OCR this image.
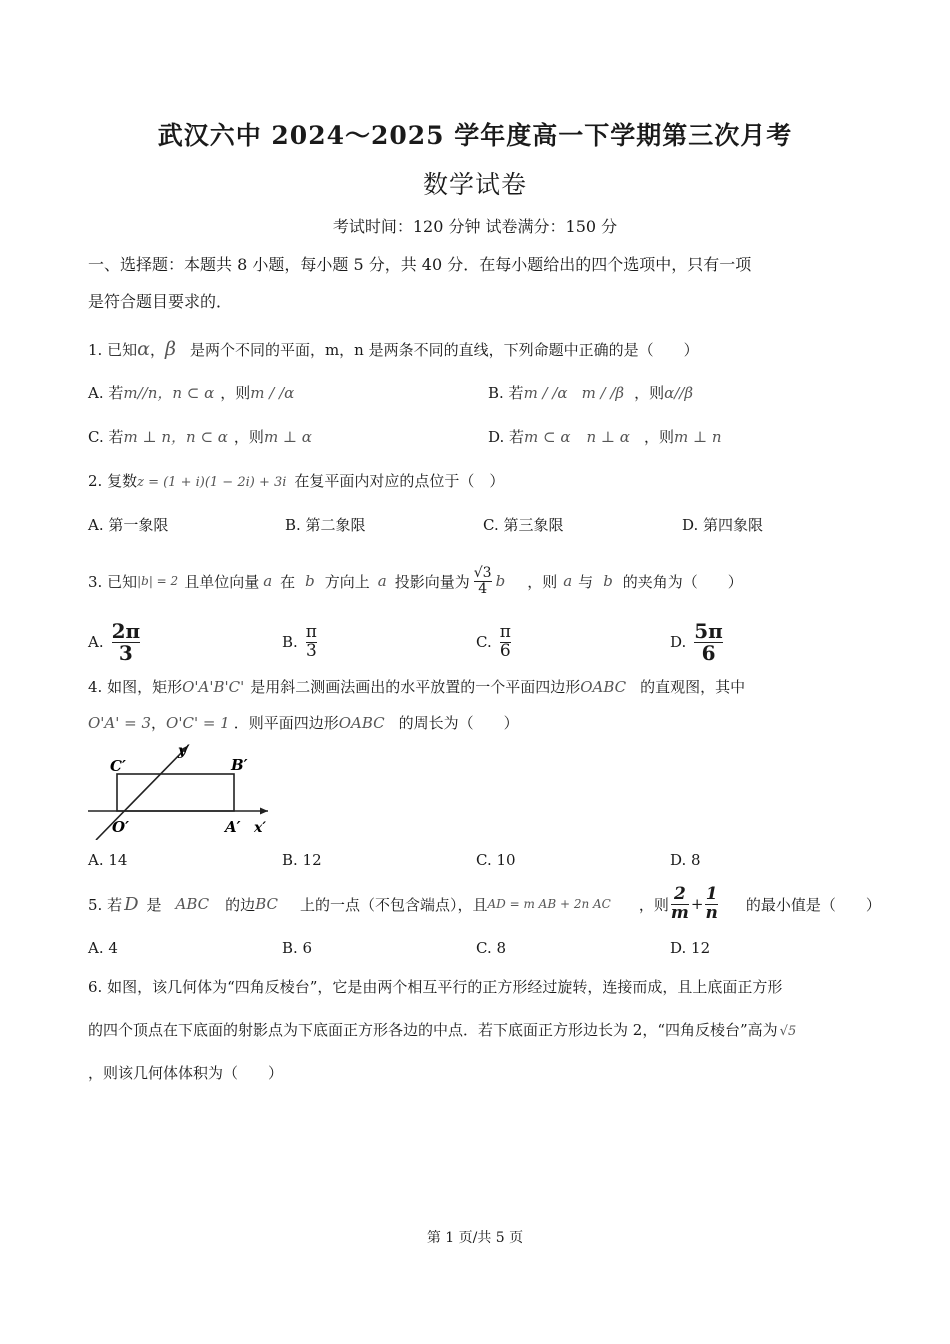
武汉六中 2024～2025 学年度高一下学期第三次月考
数学试卷
考试时间：120 分钟 试卷满分：150 分
一、选择题：本题共 8 小题，每小题 5 分，共 40 分．在每小题给出的四个选项中，只有一项
是符合题目要求的．
1. 已知α，β 是两个不同的平面，m，n 是两条不同的直线，下列命题中正确的是（　　）
A. 若m//n，n ⊂ α ，则m / /α	B. 若m / /α m / /β ，则α//β
C. 若m ⊥ n，n ⊂ α ，则m ⊥ α	D. 若m ⊂ α n ⊥ α ，则m ⊥ n
2. 复数z = (1 + i)(1 − 2i) + 3i 在复平面内对应的点位于（　）
A. 第一象限	B. 第二象限	C. 第三象限	D. 第四象限
3. 已知 |b| = 2 且单位向量 a 在 b 方向上 a 投影向量为 $\frac{√3}{4}$ b ，则 a 与 b 的夹角为（　　）
A. $\frac{2\pi}{3}$	B. $\frac{\pi}{3}$	C. $\frac{\pi}{6}$	D. $\frac{5\pi}{6}$
4. 如图，矩形O'A'B'C' 是用斜二测画法画出的水平放置的一个平面四边形OABC 的直观图，其中
O'A' = 3，O'C' = 1 ．则平面四边形OABC 的周长为（　　）
C′	B′
O′	A′ x′
y′
A. 14	B. 12	C. 10	D. 8
5. 若 D 是 ABC 的边 BC 上的一点（不包含端点），且 AD = m AB + 2n AC ，则 $\frac{2}{m} + \frac{1}{n}$ 的最小值是（　　）
A. 4	B. 6	C. 8	D. 12
6. 如图，该几何体为“四角反棱台”，它是由两个相互平行的正方形经过旋转，连接而成，且上底面正方形
的四个顶点在下底面的射影点为下底面正方形各边的中点．若下底面正方形边长为 2，“四角反棱台”高为 √5
，则该几何体体积为（　　）
第 1 页/共 5 页
